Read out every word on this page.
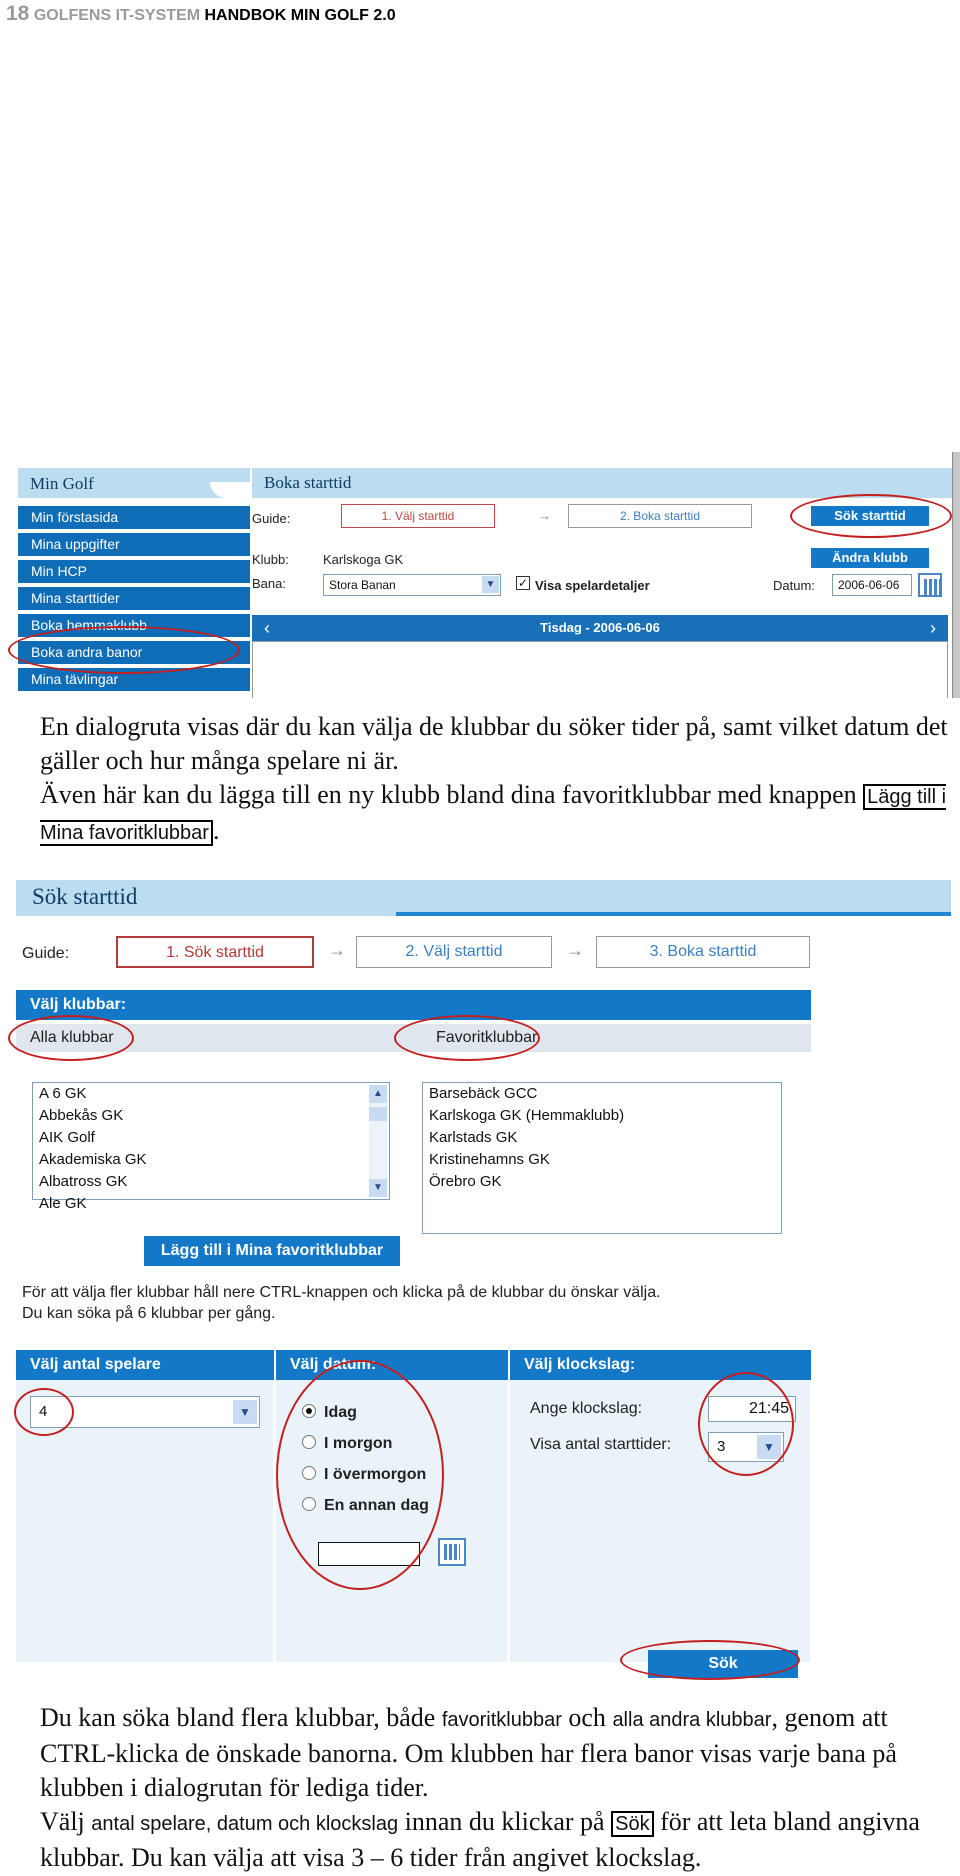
18 GOLFENS IT-SYSTEM HANDBOK MIN GOLF 2.0
Min Golf
Min förstasida
Mina uppgifter
Min HCP
Mina starttider
Boka hemmaklubb
Boka andra banor
Mina tävlingar
Boka starttid
Guide:	1. Välj starttid	→	2. Boka starttid	Sök starttid
Klubb:	Karlskoga GK	Ändra klubb
Bana:	Stora Banan	▼ ✓ Visa spelardetaljer	Datum:	2006-06-06
‹	Tisdag - 2006-06-06	›

En dialogruta visas där du kan välja de klubbar du söker tider på, samt vilket datum det gäller och hur många spelare ni är.

Även här kan du lägga till en ny klubb bland dina favoritklubbar med knappen Lägg till i Mina favoritklubbar .

Sök starttid
Guide:	1. Sök starttid	→	2. Välj starttid	→	3. Boka starttid
Välj klubbar:
Alla klubbar	Favoritklubbar
A 6 GK
Abbekås GK
AIK Golf
Akademiska GK
Albatross GK
Ale GK
▲
▼
Barsebäck GCC
Karlskoga GK (Hemmaklubb)
Karlstads GK
Kristinehamns GK
Örebro GK
Lägg till i Mina favoritklubbar
För att välja fler klubbar håll nere CTRL-knappen och klicka på de klubbar du önskar välja.
Du kan söka på 6 klubbar per gång.
Välj antal spelare	Välj datum:	Välj klockslag:
4	▼	Idag
I morgon
I övermorgon
En annan dag
Ange klockslag:	21:45
Visa antal starttider:	3	▼
Sök

Du kan söka bland flera klubbar, både favoritklubbar och alla andra klubbar, genom att CTRL-klicka de önskade banorna. Om klubben har flera banor visas varje bana på klubben i dialogrutan för lediga tider.

Välj antal spelare, datum och klockslag innan du klickar på Sök för att leta bland angivna klubbar. Du kan välja att visa 3 – 6 tider från angivet klockslag.
